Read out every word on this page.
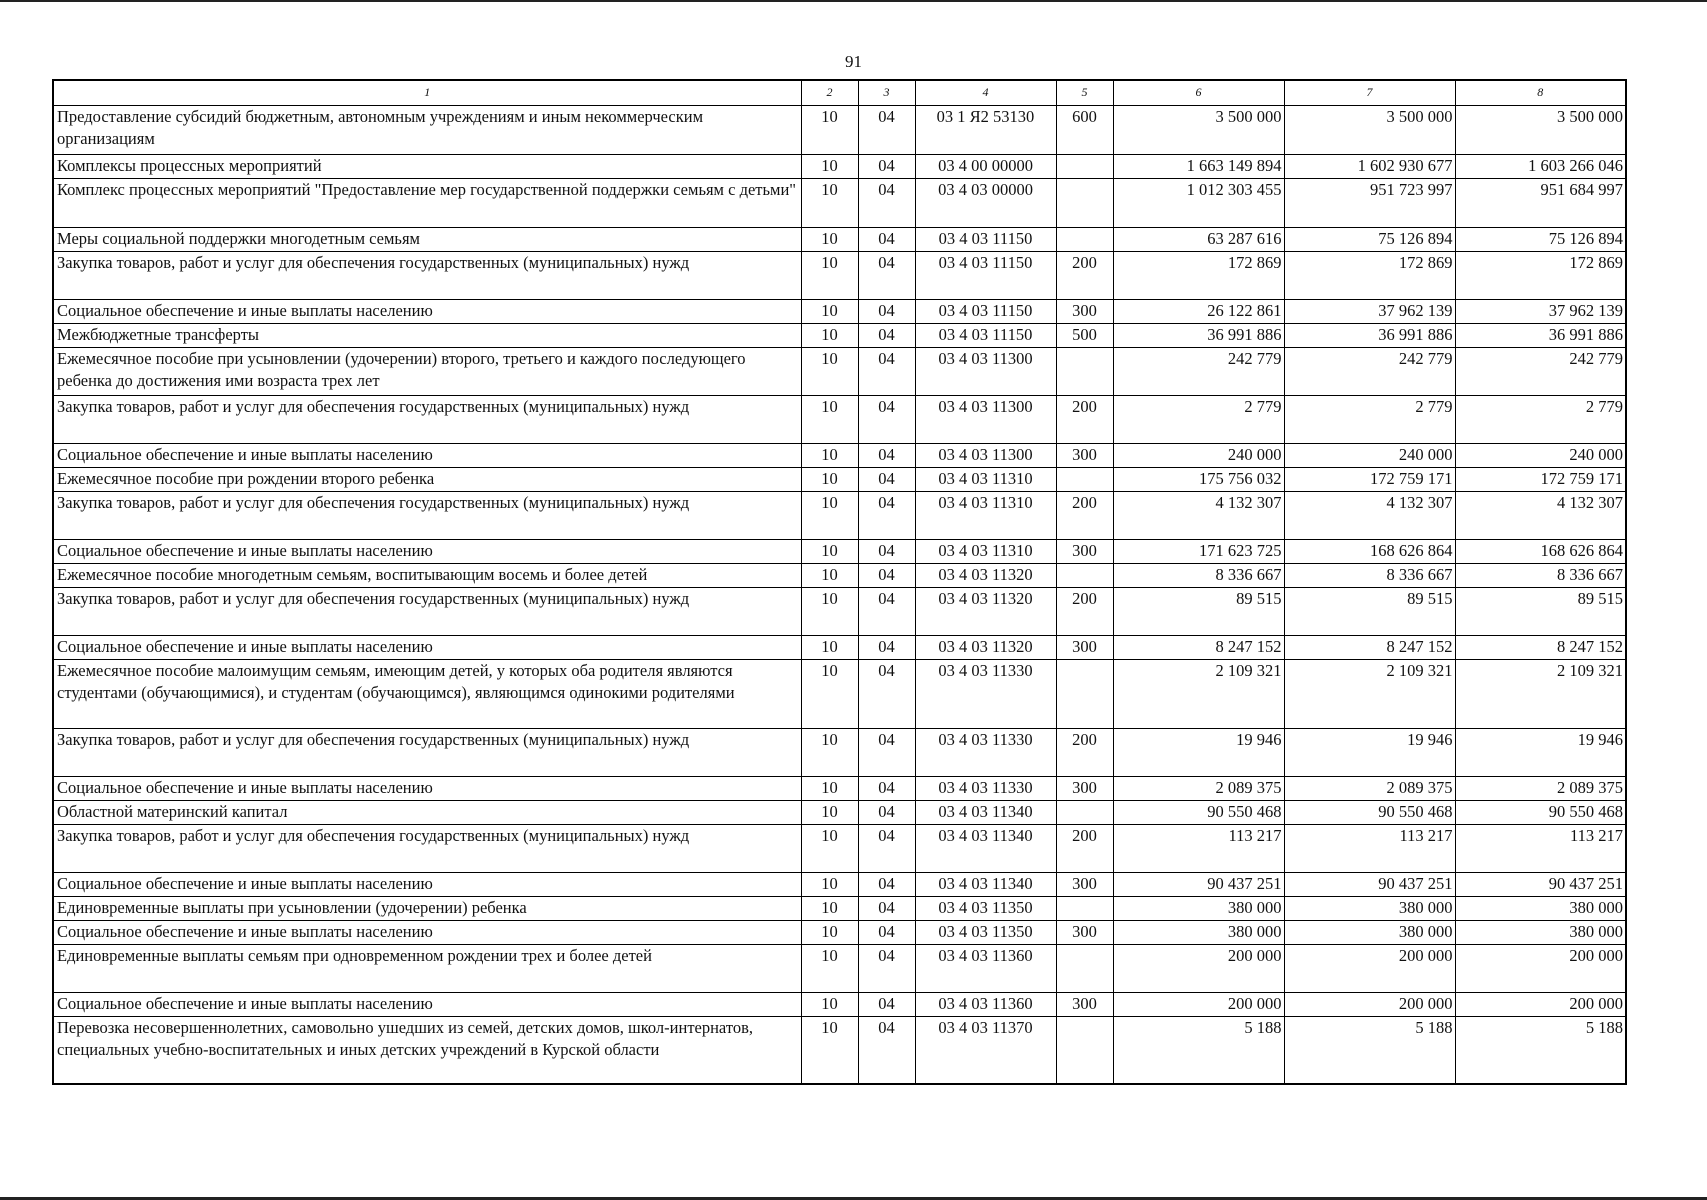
91
1	2	3	4	5	6	7	8
Предоставление субсидий бюджетным, автономным учреждениям и иным некоммерческим организациям	10	04	03 1 Я2 53130	600	3 500 000	3 500 000	3 500 000
Комплексы процессных мероприятий	10	04	03 4 00 00000		1 663 149 894	1 602 930 677	1 603 266 046
Комплекс процессных мероприятий "Предоставление мер государственной поддержки семьям с детьми"	10	04	03 4 03 00000		1 012 303 455	951 723 997	951 684 997
Меры социальной поддержки многодетным семьям	10	04	03 4 03 11150		63 287 616	75 126 894	75 126 894
Закупка товаров, работ и услуг для обеспечения государственных (муниципальных) нужд	10	04	03 4 03 11150	200	172 869	172 869	172 869
Социальное обеспечение и иные выплаты населению	10	04	03 4 03 11150	300	26 122 861	37 962 139	37 962 139
Межбюджетные трансферты	10	04	03 4 03 11150	500	36 991 886	36 991 886	36 991 886
Ежемесячное пособие при усыновлении (удочерении) второго, третьего и каждого последующего ребенка до достижения ими возраста трех лет	10	04	03 4 03 11300		242 779	242 779	242 779
Закупка товаров, работ и услуг для обеспечения государственных (муниципальных) нужд	10	04	03 4 03 11300	200	2 779	2 779	2 779
Социальное обеспечение и иные выплаты населению	10	04	03 4 03 11300	300	240 000	240 000	240 000
Ежемесячное пособие при рождении второго ребенка	10	04	03 4 03 11310		175 756 032	172 759 171	172 759 171
Закупка товаров, работ и услуг для обеспечения государственных (муниципальных) нужд	10	04	03 4 03 11310	200	4 132 307	4 132 307	4 132 307
Социальное обеспечение и иные выплаты населению	10	04	03 4 03 11310	300	171 623 725	168 626 864	168 626 864
Ежемесячное пособие многодетным семьям, воспитывающим восемь и более детей	10	04	03 4 03 11320		8 336 667	8 336 667	8 336 667
Закупка товаров, работ и услуг для обеспечения государственных (муниципальных) нужд	10	04	03 4 03 11320	200	89 515	89 515	89 515
Социальное обеспечение и иные выплаты населению	10	04	03 4 03 11320	300	8 247 152	8 247 152	8 247 152
Ежемесячное пособие малоимущим семьям, имеющим детей, у которых оба родителя являются студентами (обучающимися), и студентам (обучающимся), являющимся одинокими родителями	10	04	03 4 03 11330		2 109 321	2 109 321	2 109 321
Закупка товаров, работ и услуг для обеспечения государственных (муниципальных) нужд	10	04	03 4 03 11330	200	19 946	19 946	19 946
Социальное обеспечение и иные выплаты населению	10	04	03 4 03 11330	300	2 089 375	2 089 375	2 089 375
Областной материнский капитал	10	04	03 4 03 11340		90 550 468	90 550 468	90 550 468
Закупка товаров, работ и услуг для обеспечения государственных (муниципальных) нужд	10	04	03 4 03 11340	200	113 217	113 217	113 217
Социальное обеспечение и иные выплаты населению	10	04	03 4 03 11340	300	90 437 251	90 437 251	90 437 251
Единовременные выплаты при усыновлении (удочерении) ребенка	10	04	03 4 03 11350		380 000	380 000	380 000
Социальное обеспечение и иные выплаты населению	10	04	03 4 03 11350	300	380 000	380 000	380 000
Единовременные выплаты семьям при одновременном рождении трех и более детей	10	04	03 4 03 11360		200 000	200 000	200 000
Социальное обеспечение и иные выплаты населению	10	04	03 4 03 11360	300	200 000	200 000	200 000
Перевозка несовершеннолетних, самовольно ушедших из семей, детских домов, школ-интернатов, специальных учебно-воспитательных и иных детских учреждений в Курской области	10	04	03 4 03 11370		5 188	5 188	5 188
